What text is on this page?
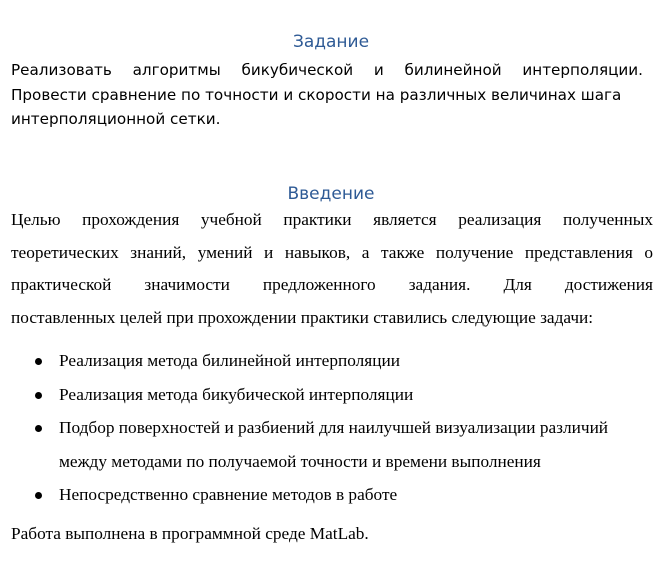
Задание
Реализовать алгоритмы бикубической и билинейной интерполяции.
Провести сравнение по точности и скорости на различных величинах шага
интерполяционной сетки.
Введение
Целью прохождения учебной практики является реализация полученных
теоретических знаний, умений и навыков, а также получение представления о
практической значимости предложенного задания. Для достижения
поставленных целей при прохождении практики ставились следующие задачи:
Реализация метода билинейной интерполяции
Реализация метода бикубической интерполяции
Подбор поверхностей и разбиений для наилучшей визуализации различий
между методами по получаемой точности и времени выполнения
Непосредственно сравнение методов в работе

Работа выполнена в программной среде MatLab.
